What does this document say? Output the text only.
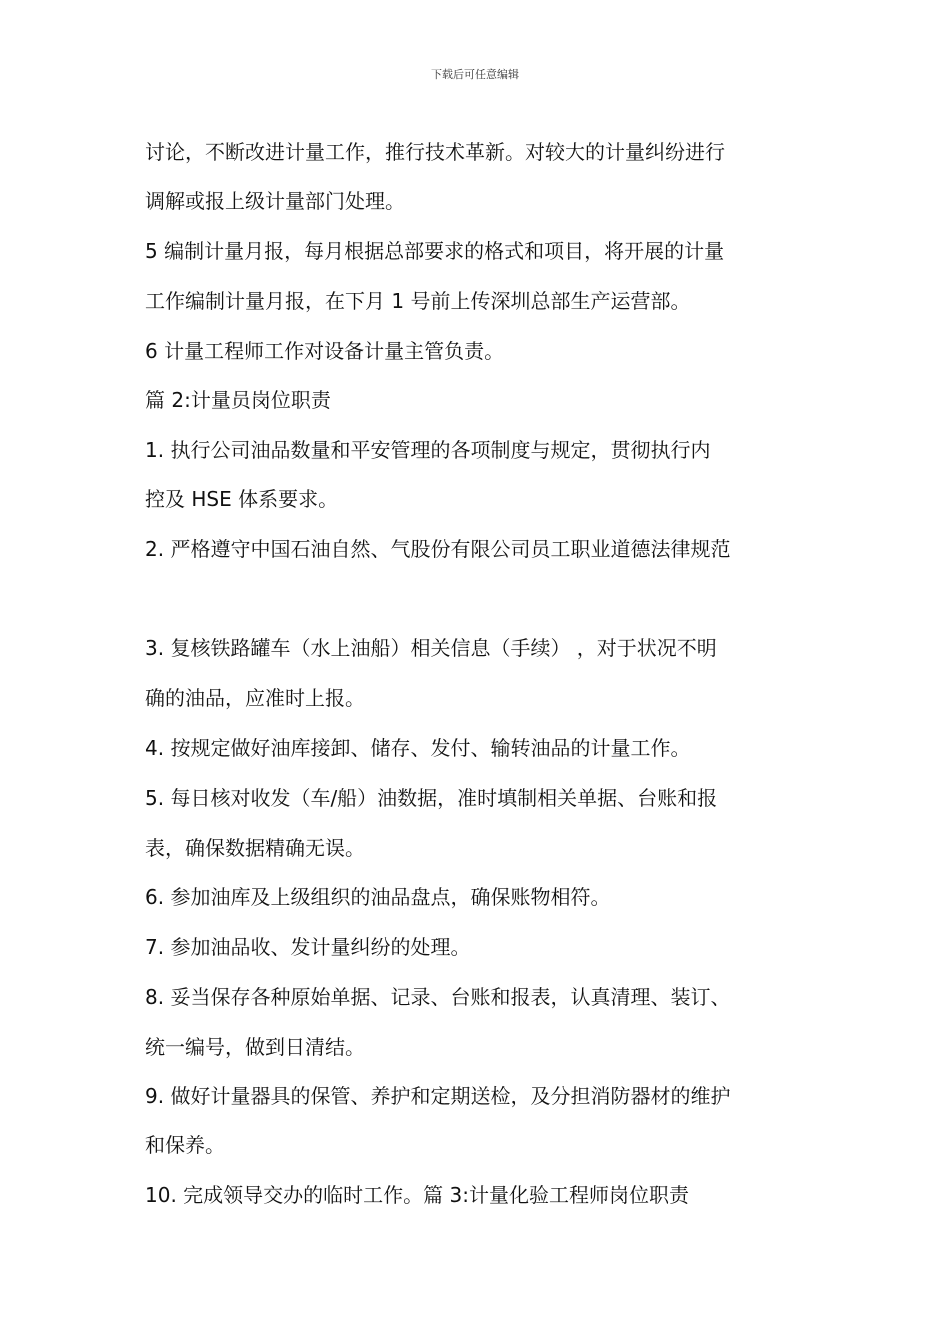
下载后可任意编辑
讨论，不断改进计量工作，推行技术革新。对较大的计量纠纷进行
调解或报上级计量部门处理。
5 编制计量月报，每月根据总部要求的格式和项目，将开展的计量
工作编制计量月报，在下月 1 号前上传深圳总部生产运营部。
6 计量工程师工作对设备计量主管负责。
篇 2:计量员岗位职责
1. 执行公司油品数量和平安管理的各项制度与规定，贯彻执行内
控及 HSE 体系要求。
2. 严格遵守中国石油自然、气股份有限公司员工职业道德法律规范
3. 复核铁路罐车（水上油船）相关信息（手续） ，对于状况不明
确的油品，应准时上报。
4. 按规定做好油库接卸、储存、发付、输转油品的计量工作。
5. 每日核对收发（车/船）油数据，准时填制相关单据、台账和报
表，确保数据精确无误。
6. 参加油库及上级组织的油品盘点，确保账物相符。
7. 参加油品收、发计量纠纷的处理。
8. 妥当保存各种原始单据、记录、台账和报表，认真清理、装订、
统一编号，做到日清结。
9. 做好计量器具的保管、养护和定期送检，及分担消防器材的维护
和保养。
10. 完成领导交办的临时工作。篇 3:计量化验工程师岗位职责
